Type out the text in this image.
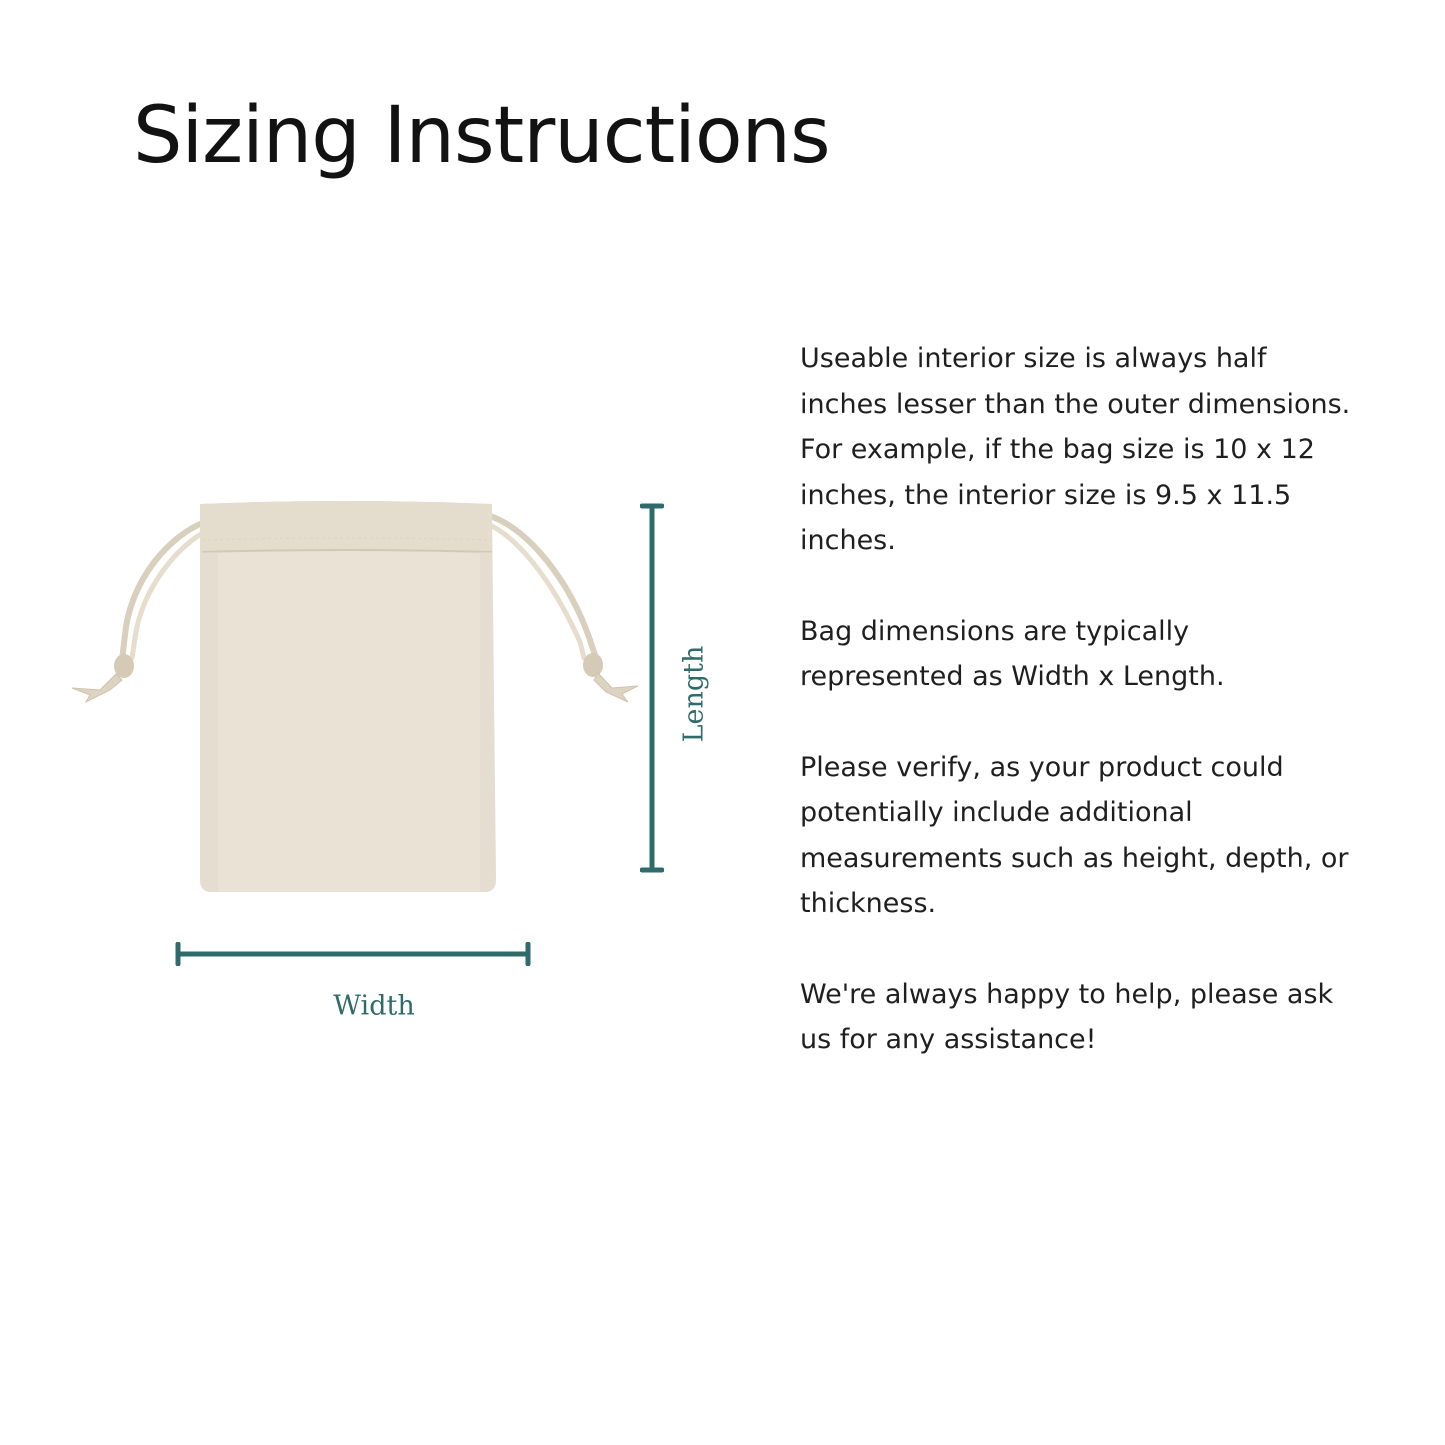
Sizing Instructions
Length
Width

Useable interior size is always half inches lesser than the outer dimensions. For example, if the bag size is 10 x 12 inches, the interior size is 9.5 x 11.5 inches.

Bag dimensions are typically represented as Width x Length.

Please verify, as your product could potentially include additional measurements such as height, depth, or thickness.

We're always happy to help, please ask us for any assistance!
